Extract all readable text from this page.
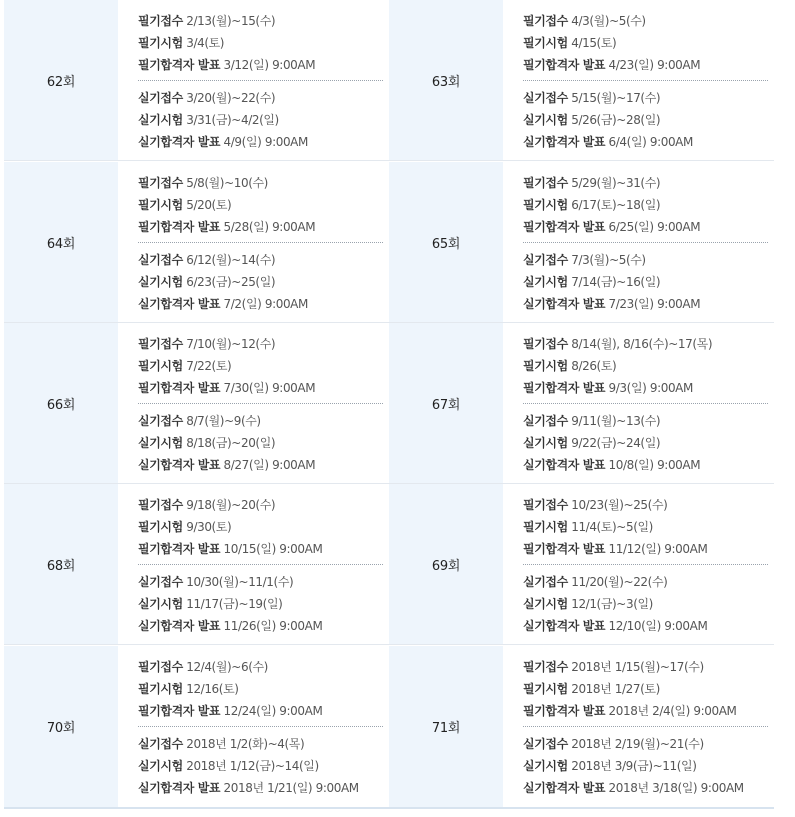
62회
필기접수 2/13(월)~15(수)
필기시험 3/4(토)
필기합격자 발표 3/12(일) 9:00AM
실기접수 3/20(월)~22(수)
실기시험 3/31(금)~4/2(일)
실기합격자 발표 4/9(일) 9:00AM
63회
필기접수 4/3(월)~5(수)
필기시험 4/15(토)
필기합격자 발표 4/23(일) 9:00AM
실기접수 5/15(월)~17(수)
실기시험 5/26(금)~28(일)
실기합격자 발표 6/4(일) 9:00AM
64회
필기접수 5/8(월)~10(수)
필기시험 5/20(토)
필기합격자 발표 5/28(일) 9:00AM
실기접수 6/12(월)~14(수)
실기시험 6/23(금)~25(일)
실기합격자 발표 7/2(일) 9:00AM
65회
필기접수 5/29(월)~31(수)
필기시험 6/17(토)~18(일)
필기합격자 발표 6/25(일) 9:00AM
실기접수 7/3(월)~5(수)
실기시험 7/14(금)~16(일)
실기합격자 발표 7/23(일) 9:00AM
66회
필기접수 7/10(월)~12(수)
필기시험 7/22(토)
필기합격자 발표 7/30(일) 9:00AM
실기접수 8/7(월)~9(수)
실기시험 8/18(금)~20(일)
실기합격자 발표 8/27(일) 9:00AM
67회
필기접수 8/14(월), 8/16(수)~17(목)
필기시험 8/26(토)
필기합격자 발표 9/3(일) 9:00AM
실기접수 9/11(월)~13(수)
실기시험 9/22(금)~24(일)
실기합격자 발표 10/8(일) 9:00AM
68회
필기접수 9/18(월)~20(수)
필기시험 9/30(토)
필기합격자 발표 10/15(일) 9:00AM
실기접수 10/30(월)~11/1(수)
실기시험 11/17(금)~19(일)
실기합격자 발표 11/26(일) 9:00AM
69회
필기접수 10/23(월)~25(수)
필기시험 11/4(토)~5(일)
필기합격자 발표 11/12(일) 9:00AM
실기접수 11/20(월)~22(수)
실기시험 12/1(금)~3(일)
실기합격자 발표 12/10(일) 9:00AM
70회
필기접수 12/4(월)~6(수)
필기시험 12/16(토)
필기합격자 발표 12/24(일) 9:00AM
실기접수 2018년 1/2(화)~4(목)
실기시험 2018년 1/12(금)~14(일)
실기합격자 발표 2018년 1/21(일) 9:00AM
71회
필기접수 2018년 1/15(월)~17(수)
필기시험 2018년 1/27(토)
필기합격자 발표 2018년 2/4(일) 9:00AM
실기접수 2018년 2/19(월)~21(수)
실기시험 2018년 3/9(금)~11(일)
실기합격자 발표 2018년 3/18(일) 9:00AM
